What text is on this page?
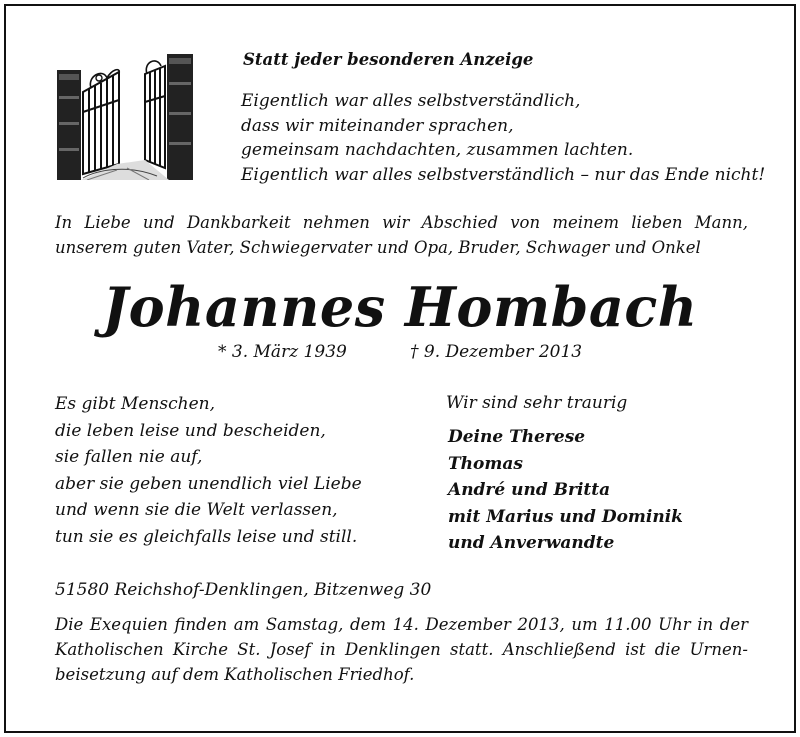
Statt jeder besonderen Anzeige
Eigentlich war alles selbstverständlich,
dass wir miteinander sprachen,
gemeinsam nachdachten, zusammen lachten.
Eigentlich war alles selbstverständlich – nur das Ende nicht!
In Liebe und Dankbarkeit nehmen wir Abschied von meinem lieben Mann,
unserem guten Vater, Schwiegervater und Opa, Bruder, Schwager und Onkel
Johannes Hombach
* 3. März 1939	† 9. Dezember 2013
Es gibt Menschen,
die leben leise und bescheiden,
sie fallen nie auf,
aber sie geben unendlich viel Liebe
und wenn sie die Welt verlassen,
tun sie es gleichfalls leise und still.
Wir sind sehr traurig
Deine Therese
Thomas
André und Britta
mit Marius und Dominik
und Anverwandte
51580 Reichshof-Denklingen, Bitzenweg 30
Die Exequien finden am Samstag, dem 14. Dezember 2013, um 11.00 Uhr in der
Katholischen Kirche St. Josef in Denklingen statt. Anschließend ist die Urnen-
beisetzung auf dem Katholischen Friedhof.
